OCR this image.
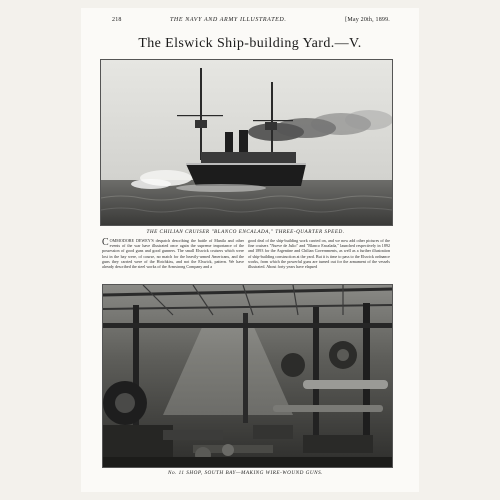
218	THE NAVY AND ARMY ILLUSTRATED.	[May 20th, 1899.
The Elswick Ship-building Yard.—V.
THE CHILIAN CRUISER "BLANCO ENCALADA," THREE-QUARTER SPEED.

COMMODORE DEWEY'S despatch describing the battle of Manila and other events of the war have illustrated once again the supreme importance of the possession of good guns and good gunners. The small Elswick cruisers which were lost in the bay were, of course, no match for the heavily-armed Americans, and the guns they carried were of the Hotchkiss, and not the Elswick, pattern. We have already described the steel works of the Armstrong Company and a

good deal of the ship-building work carried on, and we now add other pictures of the fine cruisers "Nueve de Julio" and "Blanco Encalada," launched respectively in 1892 and 1893 for the Argentine and Chilian Governments, as well as a further illustration of ship-building construction at the yard. But it is time to pass to the Elswick ordnance works, from which the powerful guns are turned out for the armament of the vessels illustrated. About forty years have elapsed

No. 11 SHOP, SOUTH BAY—MAKING WIRE-WOUND GUNS.
